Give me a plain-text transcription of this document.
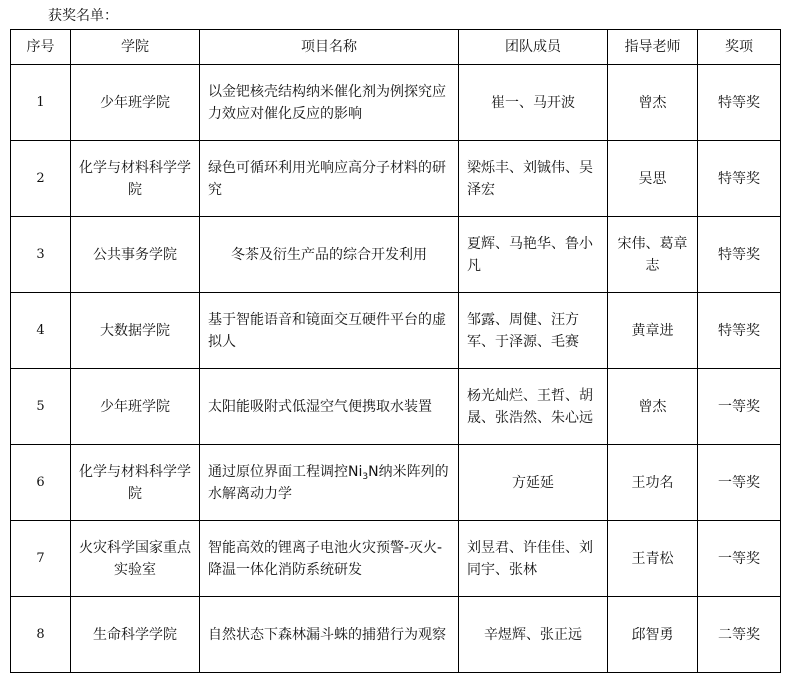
获奖名单：
序号	学院	项目名称	团队成员	指导老师	奖项
1	少年班学院	以金钯核壳结构纳米催化剂为例探究应力效应对催化反应的影响	崔一、马开波	曾杰	特等奖
2	化学与材料科学学院	绿色可循环利用光响应高分子材料的研究	梁烁丰、刘铖伟、吴泽宏	吴思	特等奖
3	公共事务学院	冬茶及衍生产品的综合开发利用	夏辉、马艳华、鲁小凡	宋伟、葛章志	特等奖
4	大数据学院	基于智能语音和镜面交互硬件平台的虚拟人	邹露、周健、汪方军、于泽源、毛赛	黄章进	特等奖
5	少年班学院	太阳能吸附式低湿空气便携取水装置	杨光灿烂、王哲、胡晟、张浩然、朱心远	曾杰	一等奖
6	化学与材料科学学院	通过原位界面工程调控$Ni_3N$纳米阵列的水解离动力学	方延延	王功名	一等奖
7	火灾科学国家重点实验室	智能高效的锂离子电池火灾预警-灭火-降温一体化消防系统研发	刘昱君、许佳佳、刘同宇、张林	王青松	一等奖
8	生命科学学院	自然状态下森林漏斗蛛的捕猎行为观察	辛煜辉、张正远	邱智勇	二等奖
